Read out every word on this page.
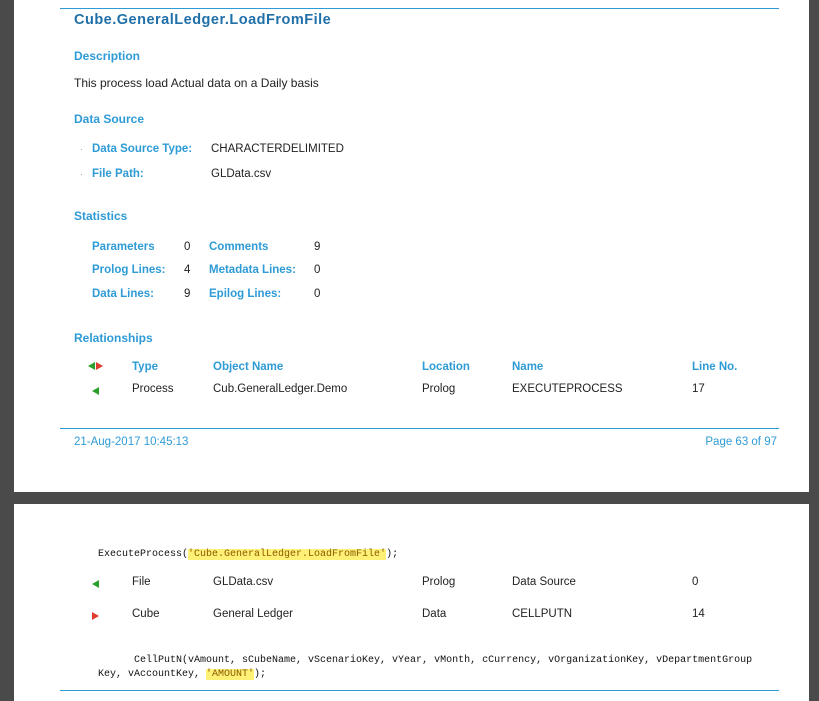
Cube.GeneralLedger.LoadFromFile
Description
This process load Actual data on a Daily basis
Data Source
· Data Source Type: CHARACTERDELIMITED
· File Path:	GLData.csv
Statistics
Parameters	0 Comments	9
Prolog Lines: 4 Metadata Lines: 0
Data Lines:	9 Epilog Lines:	0
Relationships
Type	Object Name	Location	Name	Line No.
Process	Cub.GeneralLedger.Demo	Prolog	EXECUTEPROCESS	17
21-Aug-2017 10:45:13	Page 63 of 97
ExecuteProcess('Cube.GeneralLedger.LoadFromFile');
File	GLData.csv	Prolog	Data Source	0
Cube	General Ledger	Data	CELLPUTN	14

CellPutN(vAmount, sCubeName, vScenarioKey, vYear, vMonth, cCurrency, vOrganizationKey, vDepartmentGroupKey, vAccountKey, 'AMOUNT');
